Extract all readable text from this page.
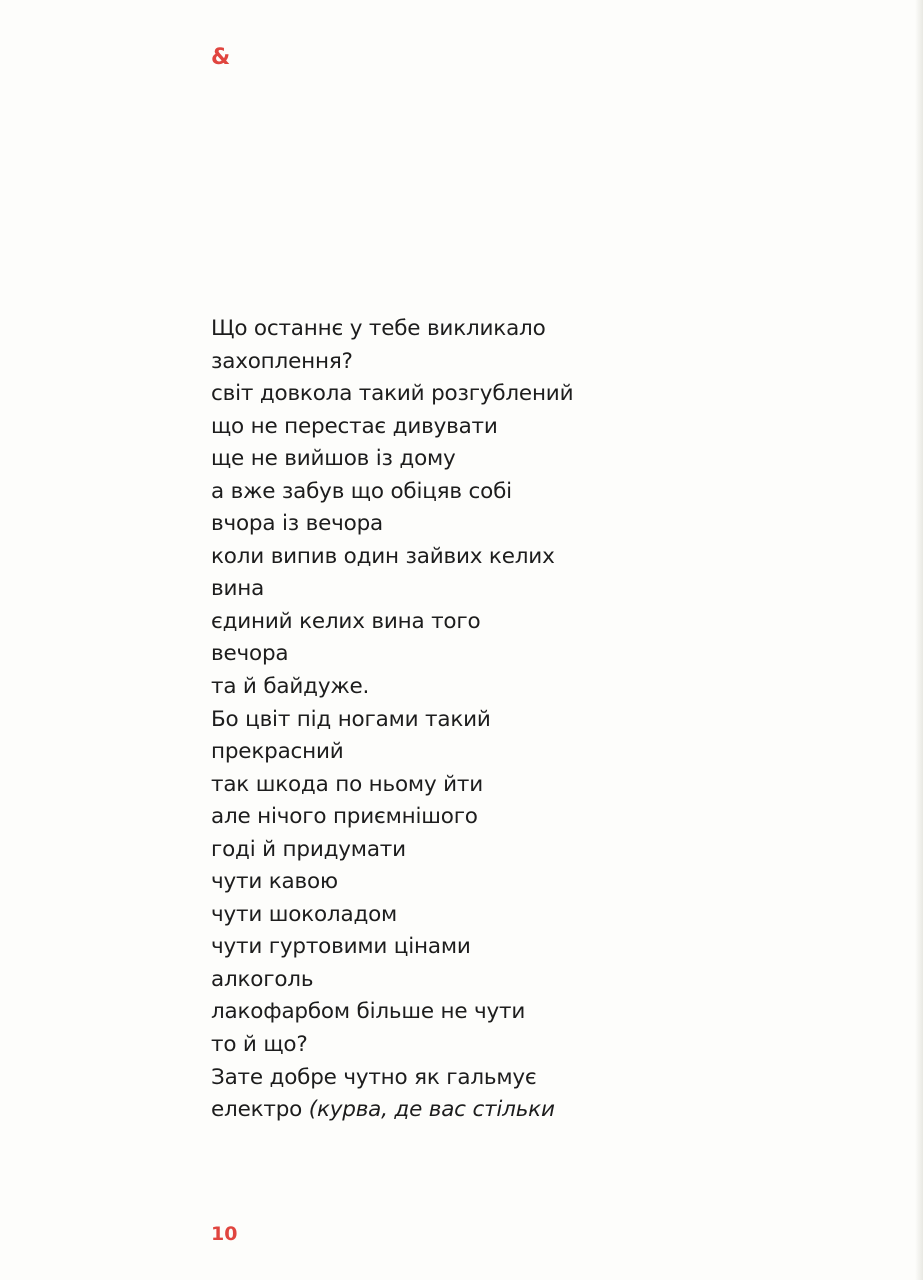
&
Що останнє у тебе викликало
захоплення?
світ довкола такий розгублений
що не перестає дивувати
ще не вийшов із дому
а вже забув що обіцяв собі
вчора із вечора
коли випив один зайвих келих
вина
єдиний келих вина того
вечора
та й байдуже.
Бо цвіт під ногами такий
прекрасний
так шкода по ньому йти
але нічого приємнішого
годі й придумати
чути кавою
чути шоколадом
чути гуртовими цінами
алкоголь
лакофарбом більше не чути
то й що?
Зате добре чутно як гальмує
електро (курва, де вас стільки
10
